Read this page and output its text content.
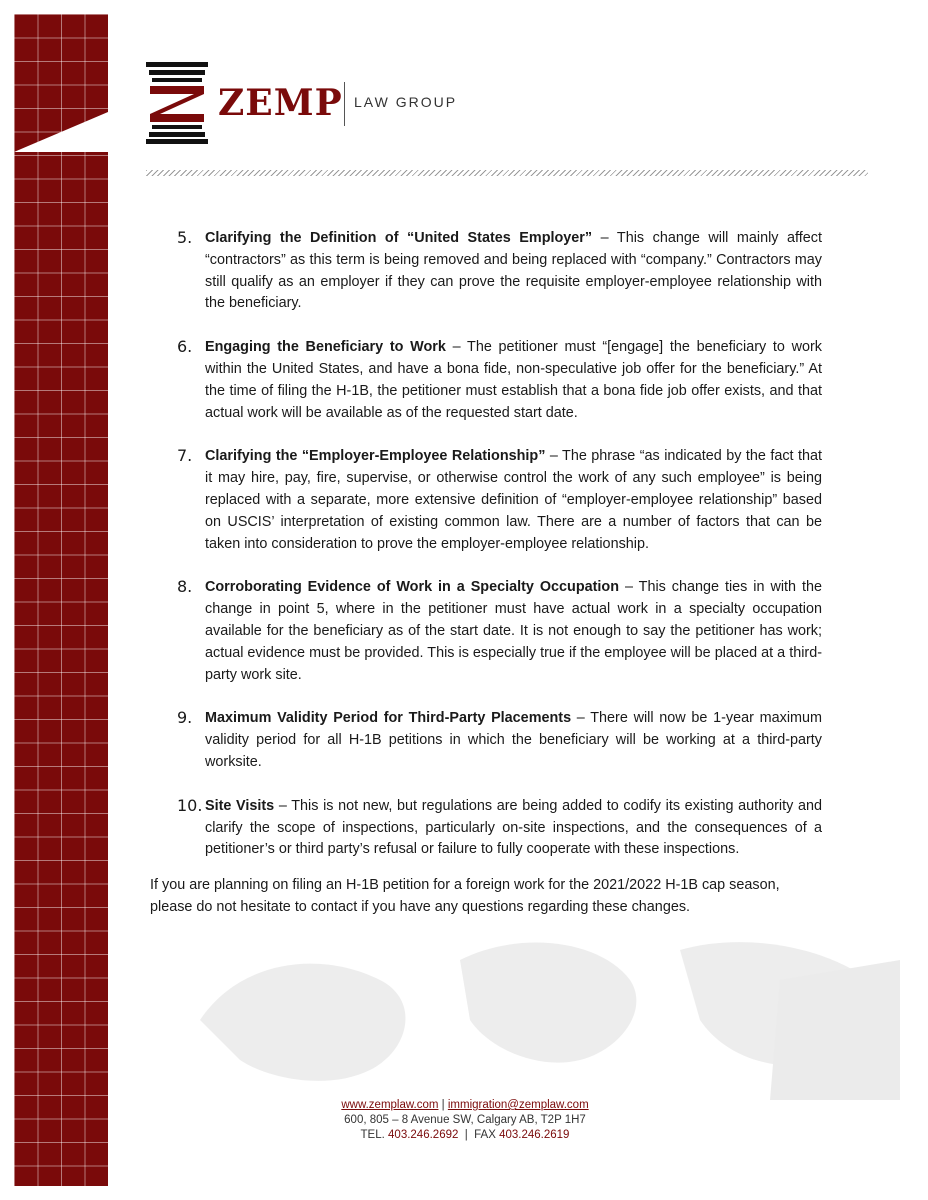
ZEMP LAW GROUP
5. Clarifying the Definition of “United States Employer” – This change will mainly affect “contractors” as this term is being removed and being replaced with “company.” Contractors may still qualify as an employer if they can prove the requisite employer-employee relationship with the beneficiary.

6. Engaging the Beneficiary to Work – The petitioner must “[engage] the beneficiary to work within the United States, and have a bona fide, non-speculative job offer for the beneficiary.” At the time of filing the H-1B, the petitioner must establish that a bona fide job offer exists, and that actual work will be available as of the requested start date.

7. Clarifying the “Employer-Employee Relationship” – The phrase “as indicated by the fact that it may hire, pay, fire, supervise, or otherwise control the work of any such employee” is being replaced with a separate, more extensive definition of “employer-employee relationship” based on USCIS’ interpretation of existing common law. There are a number of factors that can be taken into consideration to prove the employer-employee relationship.

8. Corroborating Evidence of Work in a Specialty Occupation – This change ties in with the change in point 5, where in the petitioner must have actual work in a specialty occupation available for the beneficiary as of the start date. It is not enough to say the petitioner has work; actual evidence must be provided. This is especially true if the employee will be placed at a third-party work site.

9. Maximum Validity Period for Third-Party Placements – There will now be 1-year maximum validity period for all H-1B petitions in which the beneficiary will be working at a third-party worksite.

10. Site Visits – This is not new, but regulations are being added to codify its existing authority and clarify the scope of inspections, particularly on-site inspections, and the consequences of a petitioner’s or third party’s refusal or failure to fully cooperate with these inspections.

If you are planning on filing an H-1B petition for a foreign work for the 2021/2022 H-1B cap season, please do not hesitate to contact if you have any questions regarding these changes.

www.zemplaw.com | immigration@zemplaw.com
600, 805 – 8 Avenue SW, Calgary AB, T2P 1H7
TEL. 403.246.2692  |  FAX 403.246.2619
